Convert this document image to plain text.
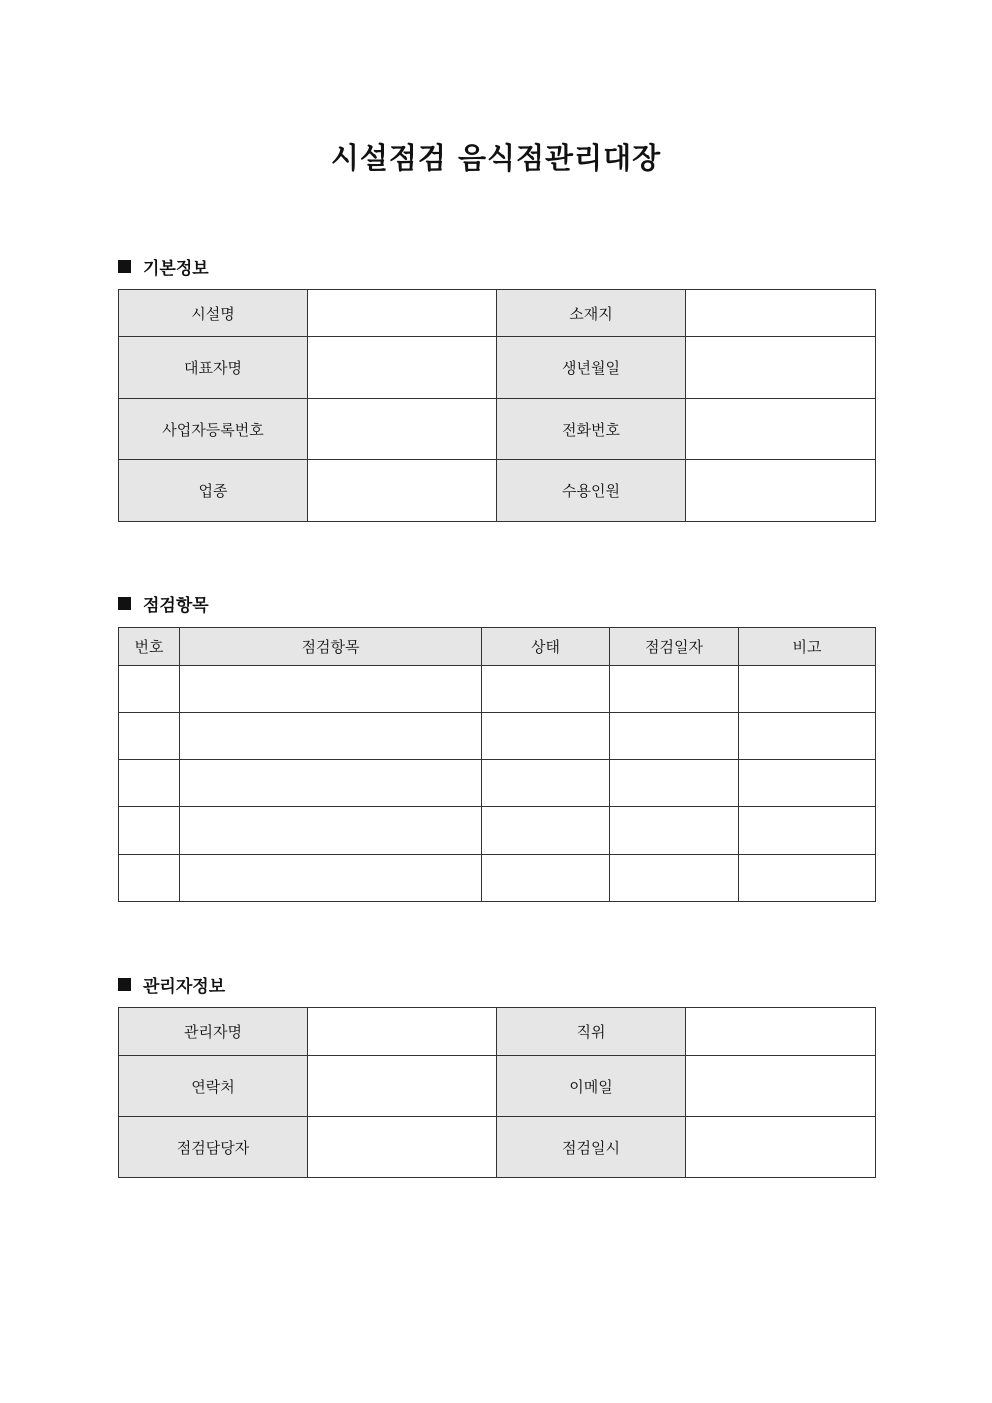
시설점검 음식점관리대장
기본정보
시설명		소재지	
대표자명		생년월일	
사업자등록번호		전화번호	
업종		수용인원	
점검항목
번호	점검항목	상태	점검일자	비고

관리자정보
관리자명		직위	
연락처		이메일	
점검담당자		점검일시	
